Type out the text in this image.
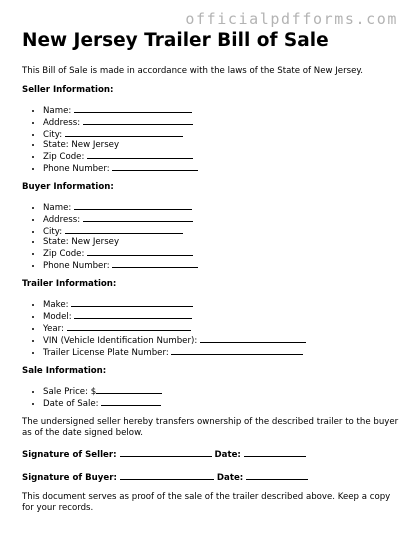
officialpdfforms.com
New Jersey Trailer Bill of Sale

This Bill of Sale is made in accordance with the laws of the State of New Jersey.

Seller Information:
• Name:
• Address:
• City:
• State: New Jersey
• Zip Code:
• Phone Number:
Buyer Information:
• Name:
• Address:
• City:
• State: New Jersey
• Zip Code:
• Phone Number:
Trailer Information:
• Make:
• Model:
• Year:
• VIN (Vehicle Identification Number):
• Trailer License Plate Number:
Sale Information:
• Sale Price: $
• Date of Sale:

The undersigned seller hereby transfers ownership of the described trailer to the buyer as of the date signed below.

Signature of Seller:	Date:
Signature of Buyer:	Date:

This document serves as proof of the sale of the trailer described above. Keep a copy for your records.
